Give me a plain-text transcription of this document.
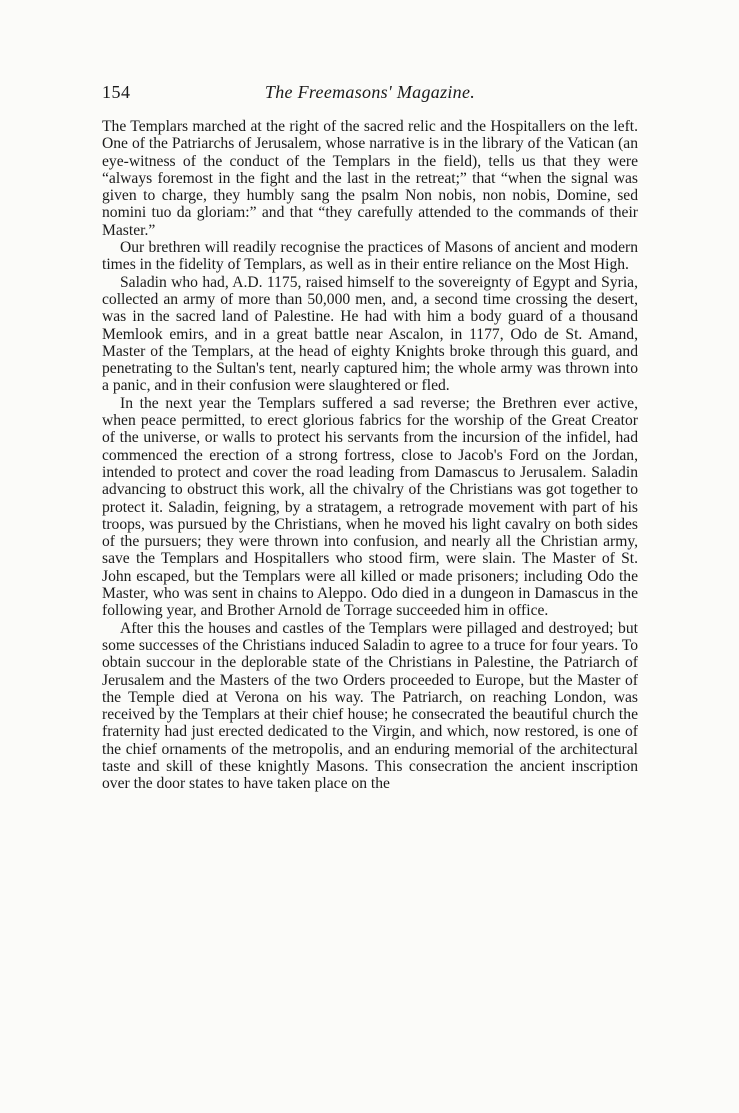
154	The Freemasons' Magazine.

The Templars marched at the right of the sacred relic and the Hospitallers on the left. One of the Patriarchs of Jerusalem, whose narrative is in the library of the Vatican (an eye-witness of the conduct of the Templars in the field), tells us that they were “always foremost in the fight and the last in the retreat;” that “when the signal was given to charge, they humbly sang the psalm Non nobis, non nobis, Domine, sed nomini tuo da gloriam:” and that “they carefully attended to the commands of their Master.”

Our brethren will readily recognise the practices of Masons of ancient and modern times in the fidelity of Templars, as well as in their entire reliance on the Most High.

Saladin who had, A.D. 1175, raised himself to the sovereignty of Egypt and Syria, collected an army of more than 50,000 men, and, a second time crossing the desert, was in the sacred land of Palestine. He had with him a body guard of a thousand Memlook emirs, and in a great battle near Ascalon, in 1177, Odo de St. Amand, Master of the Templars, at the head of eighty Knights broke through this guard, and penetrating to the Sultan's tent, nearly captured him; the whole army was thrown into a panic, and in their confusion were slaughtered or fled.

In the next year the Templars suffered a sad reverse; the Brethren ever active, when peace permitted, to erect glorious fabrics for the worship of the Great Creator of the universe, or walls to protect his servants from the incursion of the infidel, had commenced the erection of a strong fortress, close to Jacob's Ford on the Jordan, intended to protect and cover the road leading from Damascus to Jerusalem. Saladin advancing to obstruct this work, all the chivalry of the Christians was got together to protect it. Saladin, feigning, by a stratagem, a retrograde movement with part of his troops, was pursued by the Christians, when he moved his light cavalry on both sides of the pursuers; they were thrown into confusion, and nearly all the Christian army, save the Templars and Hospitallers who stood firm, were slain. The Master of St. John escaped, but the Templars were all killed or made prisoners; including Odo the Master, who was sent in chains to Aleppo. Odo died in a dungeon in Damascus in the following year, and Brother Arnold de Torrage succeeded him in office.

After this the houses and castles of the Templars were pillaged and destroyed; but some successes of the Christians induced Saladin to agree to a truce for four years. To obtain succour in the deplorable state of the Christians in Palestine, the Patriarch of Jerusalem and the Masters of the two Orders proceeded to Europe, but the Master of the Temple died at Verona on his way. The Patriarch, on reaching London, was received by the Templars at their chief house; he consecrated the beautiful church the fraternity had just erected dedicated to the Virgin, and which, now restored, is one of the chief ornaments of the metropolis, and an enduring memorial of the architectural taste and skill of these knightly Masons. This consecration the ancient inscription over the door states to have taken place on the
